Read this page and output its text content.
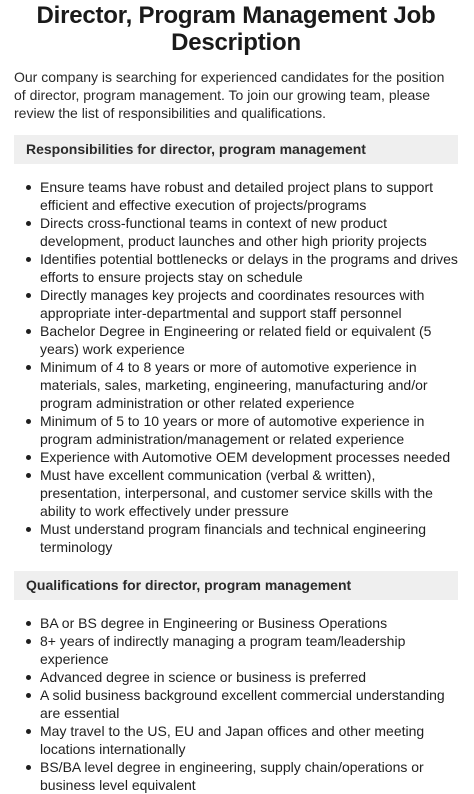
Director, Program Management Job Description

Our company is searching for experienced candidates for the position of director, program management. To join our growing team, please review the list of responsibilities and qualifications.

Responsibilities for director, program management
Ensure teams have robust and detailed project plans to support efficient and effective execution of projects/programs
Directs cross-functional teams in context of new product development, product launches and other high priority projects
Identifies potential bottlenecks or delays in the programs and drives efforts to ensure projects stay on schedule
Directly manages key projects and coordinates resources with appropriate inter-departmental and support staff personnel
Bachelor Degree in Engineering or related field or equivalent (5 years) work experience
Minimum of 4 to 8 years or more of automotive experience in materials, sales, marketing, engineering, manufacturing and/or program administration or other related experience
Minimum of 5 to 10 years or more of automotive experience in program administration/management or related experience
Experience with Automotive OEM development processes needed
Must have excellent communication (verbal & written), presentation, interpersonal, and customer service skills with the ability to work effectively under pressure
Must understand program financials and technical engineering terminology
Qualifications for director, program management
BA or BS degree in Engineering or Business Operations
8+ years of indirectly managing a program team/leadership experience
Advanced degree in science or business is preferred
A solid business background excellent commercial understanding are essential
May travel to the US, EU and Japan offices and other meeting locations internationally
BS/BA level degree in engineering, supply chain/operations or business level equivalent
